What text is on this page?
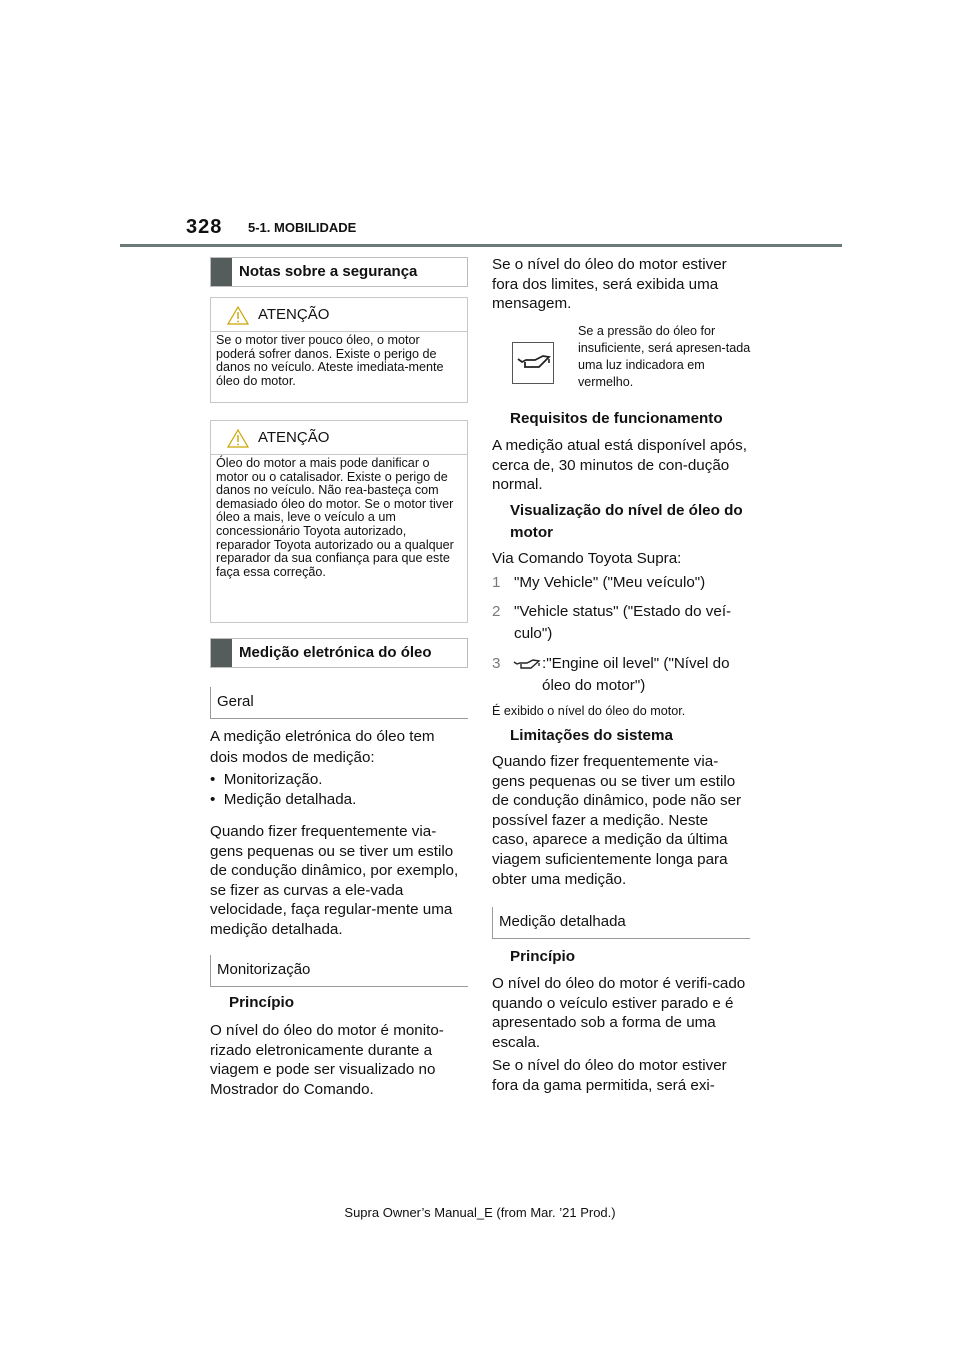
328 5-1. MOBILIDADE
Notas sobre a segurança
ATENÇÃO
Se o motor tiver pouco óleo, o motor poderá sofrer danos. Existe o perigo de danos no veículo. Ateste imediata-mente óleo do motor.
ATENÇÃO
Óleo do motor a mais pode danificar o motor ou o catalisador. Existe o perigo de danos no veículo. Não rea-basteça com demasiado óleo do motor. Se o motor tiver óleo a mais, leve o veículo a um concessionário Toyota autorizado, reparador Toyota autorizado ou a qualquer reparador da sua confiança para que este faça essa correção.
Medição eletrónica do óleo
Geral
A medição eletrónica do óleo tem dois modos de medição:
•  Monitorização.
•  Medição detalhada.
Quando fizer frequentemente via-gens pequenas ou se tiver um estilo de condução dinâmico, por exemplo, se fizer as curvas a ele-vada velocidade, faça regular-mente uma medição detalhada.
Monitorização
Princípio
O nível do óleo do motor é monito-rizado eletronicamente durante a viagem e pode ser visualizado no Mostrador do Comando.
Se o nível do óleo do motor estiver fora dos limites, será exibida uma mensagem.
Se a pressão do óleo for insuficiente, será apresen-tada uma luz indicadora em vermelho.
Requisitos de funcionamento
A medição atual está disponível após, cerca de, 30 minutos de con-dução normal.
Visualização do nível de óleo do motor
Via Comando Toyota Supra:
1 "My Vehicle" ("Meu veículo")
2 "Vehicle status" ("Estado do veí-culo")
3	:"Engine oil level" ("Nível do óleo do motor")
É exibido o nível do óleo do motor.
Limitações do sistema
Quando fizer frequentemente via-gens pequenas ou se tiver um estilo de condução dinâmico, pode não ser possível fazer a medição. Neste caso, aparece a medição da última viagem suficientemente longa para obter uma medição.
Medição detalhada
Princípio
O nível do óleo do motor é verifi-cado quando o veículo estiver parado e é apresentado sob a forma de uma escala.
Se o nível do óleo do motor estiver fora da gama permitida, será exi-
Supra Owner’s Manual_E (from Mar. ’21 Prod.)
